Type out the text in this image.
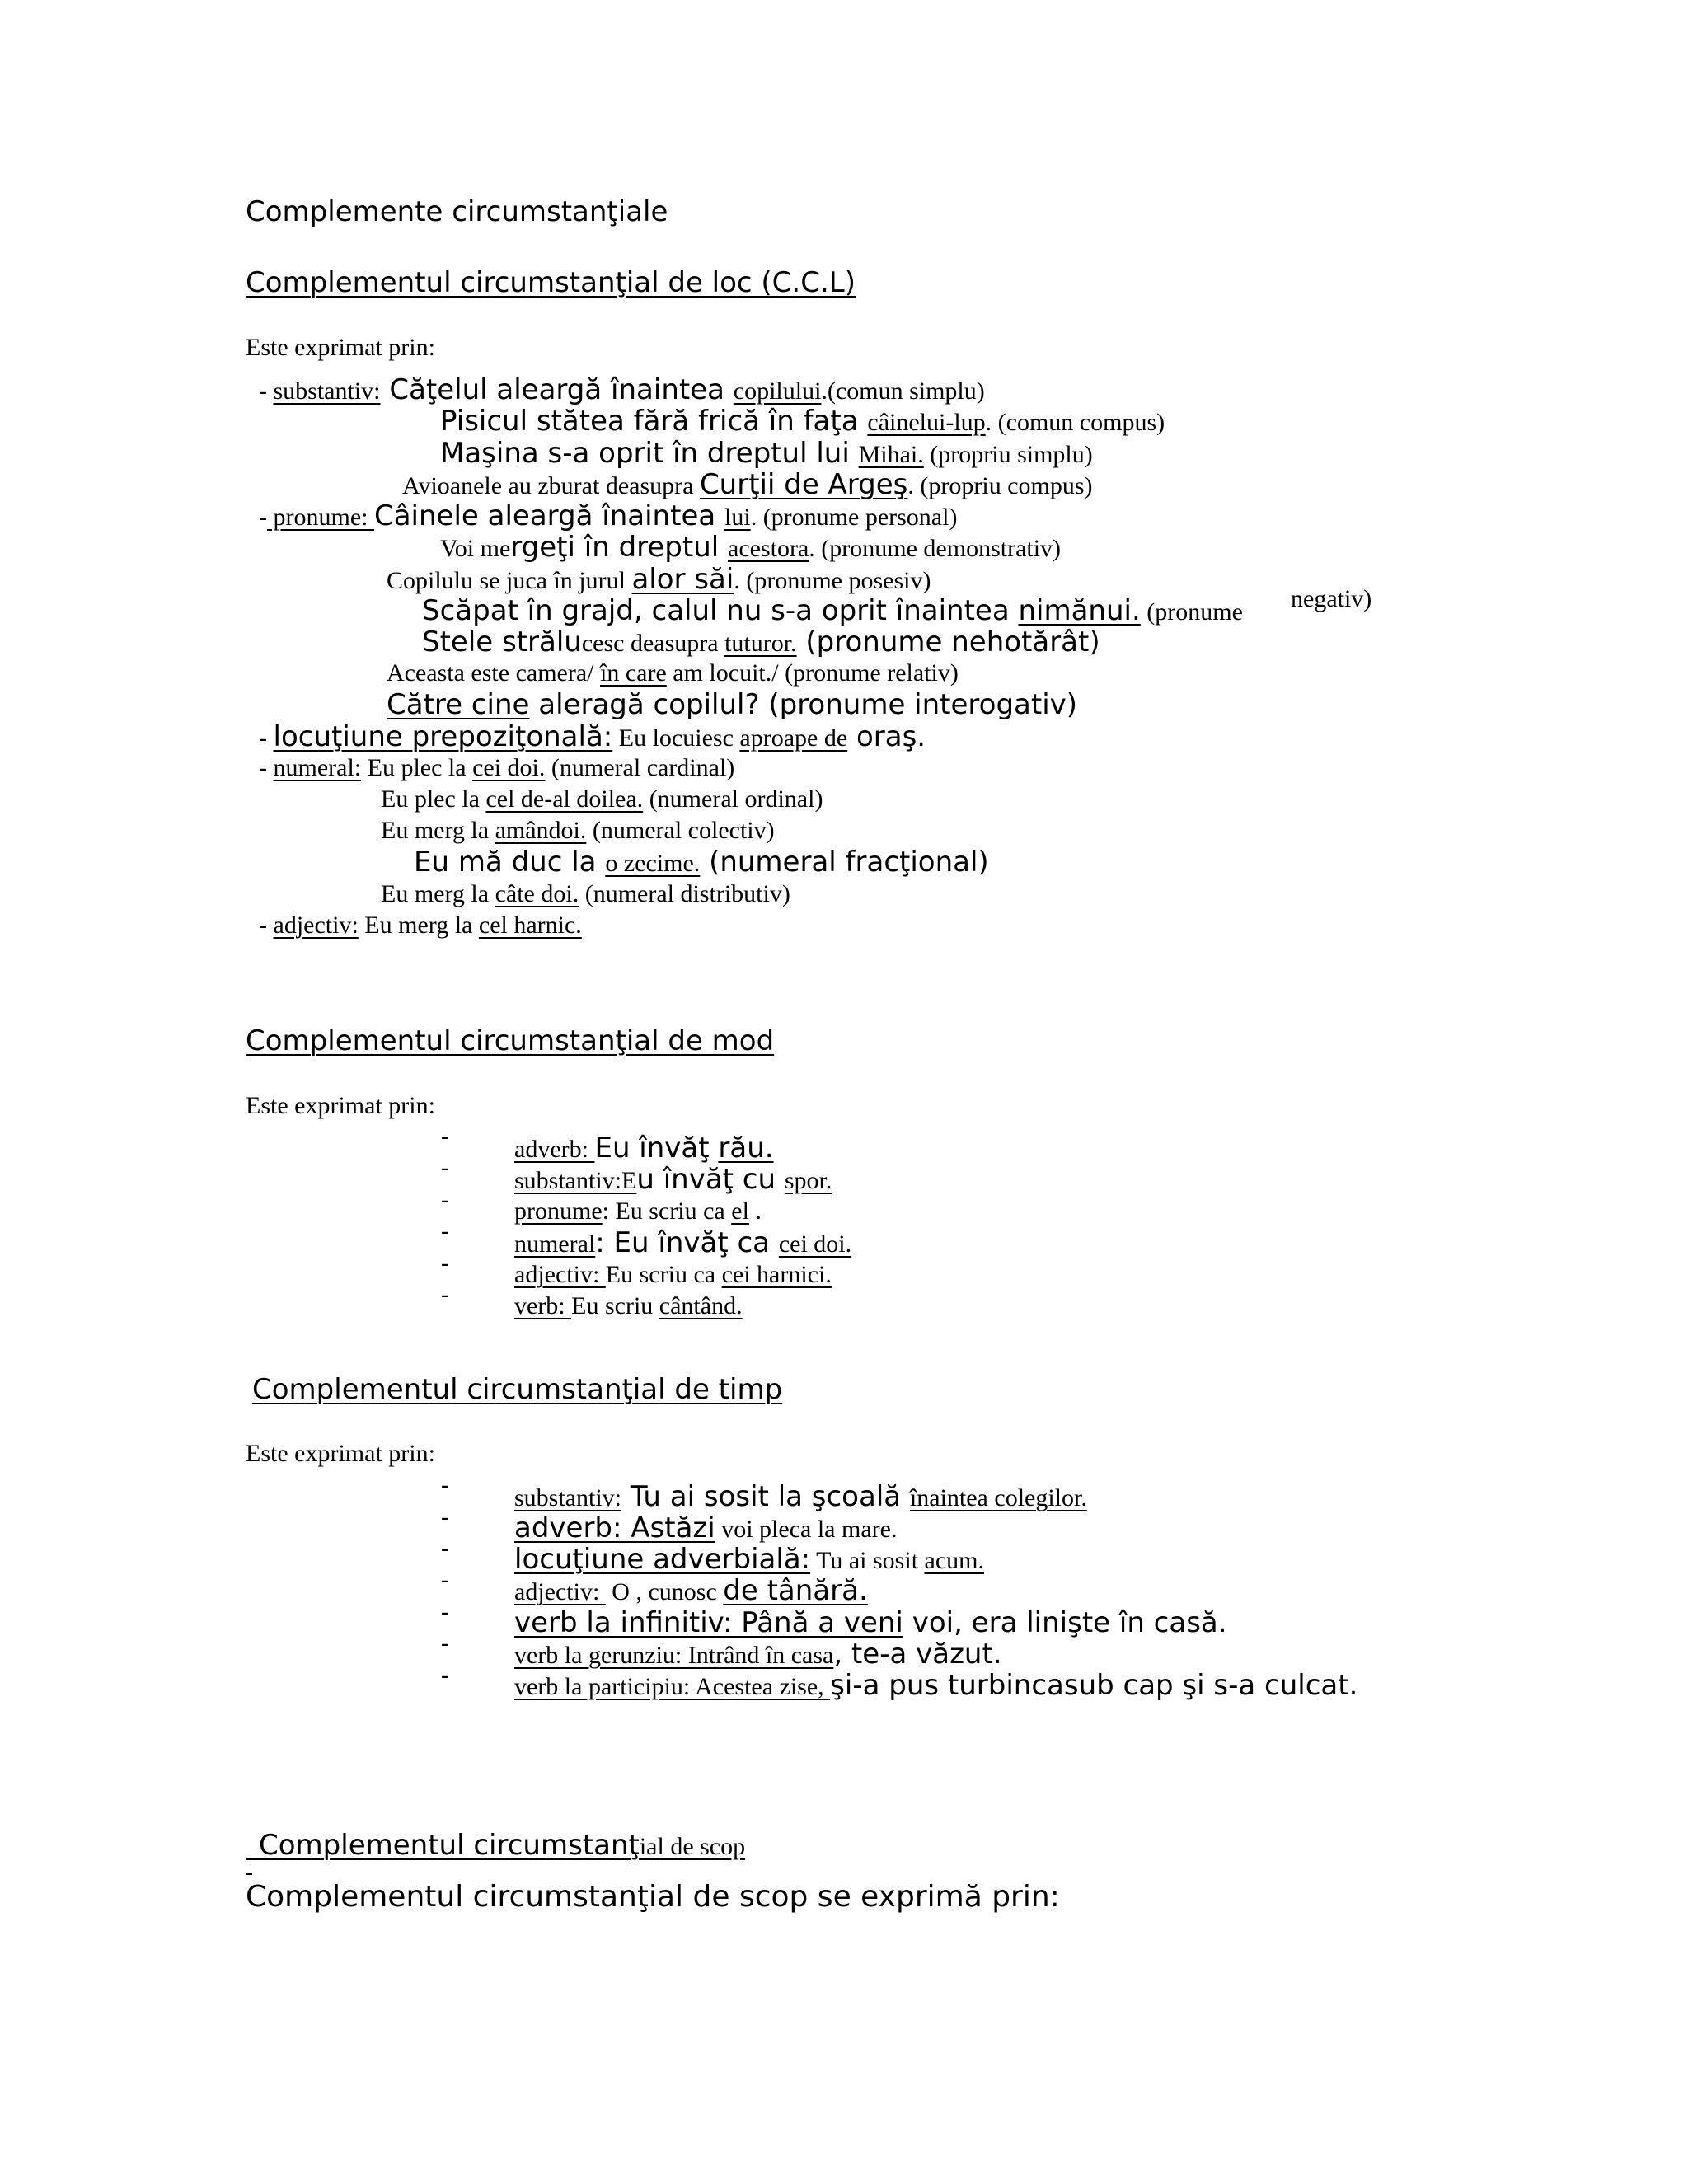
Complemente circumstanţiale
Complementul circumstanţial de loc (C.C.L)
Este exprimat prin:

- substantiv: Căţelul aleargă înaintea copilului.(comun simplu)

Pisicul stătea fără frică în faţa câinelui-lup. (comun compus)

Maşina s-a oprit în dreptul lui Mihai. (propriu simplu)

Avioanele au zburat deasupra Curţii de Argeş. (propriu compus)

- pronume: Câinele aleargă înaintea lui. (pronume personal)

Voi mergeţi în dreptul acestora. (pronume demonstrativ)

Copilulu se juca în jurul alor săi. (pronume posesiv)

Scăpat în grajd, calul nu s-a oprit înaintea nimănui. (pronume
negativ)

Stele strălucesc deasupra tuturor. (pronume nehotărât)

Aceasta este camera/ în care am locuit./ (pronume relativ)

Către cine aleragă copilul? (pronume interogativ)

- locuţiune prepoziţonală: Eu locuiesc aproape de oraş.

- numeral: Eu plec la cei doi. (numeral cardinal)

Eu plec la cel de-al doilea. (numeral ordinal)

Eu merg la amândoi. (numeral colectiv)

Eu mă duc la o zecime. (numeral fracţional)

Eu merg la câte doi. (numeral distributiv)

- adjectiv: Eu merg la cel harnic.

Complementul circumstanţial de mod
Este exprimat prin:
-	adverb: Eu învăţ rău.

-	substantiv:Eu învăţ cu spor.

-	pronume: Eu scriu ca el .

-	numeral: Eu învăţ ca cei doi.

-	adjectiv: Eu scriu ca cei harnici.

-	verb: Eu scriu cântând.

Complementul circumstanţial de timp
Este exprimat prin:
-	substantiv: Tu ai sosit la şcoală înaintea colegilor.

-	adverb: Astăzi voi pleca la mare.

-	locuţiune adverbială: Tu ai sosit acum.

-	adjectiv:  O , cunosc de tânără.

-	verb la infinitiv: Până a veni voi, era linişte în casă.

-	verb la gerunziu: Intrând în casa, te-a văzut.

-	verb la participiu: Acestea zise, şi-a pus turbincasub cap şi s-a culcat.

Complementul circumstanţial de scop

Complementul circumstanţial de scop se exprimă prin:
